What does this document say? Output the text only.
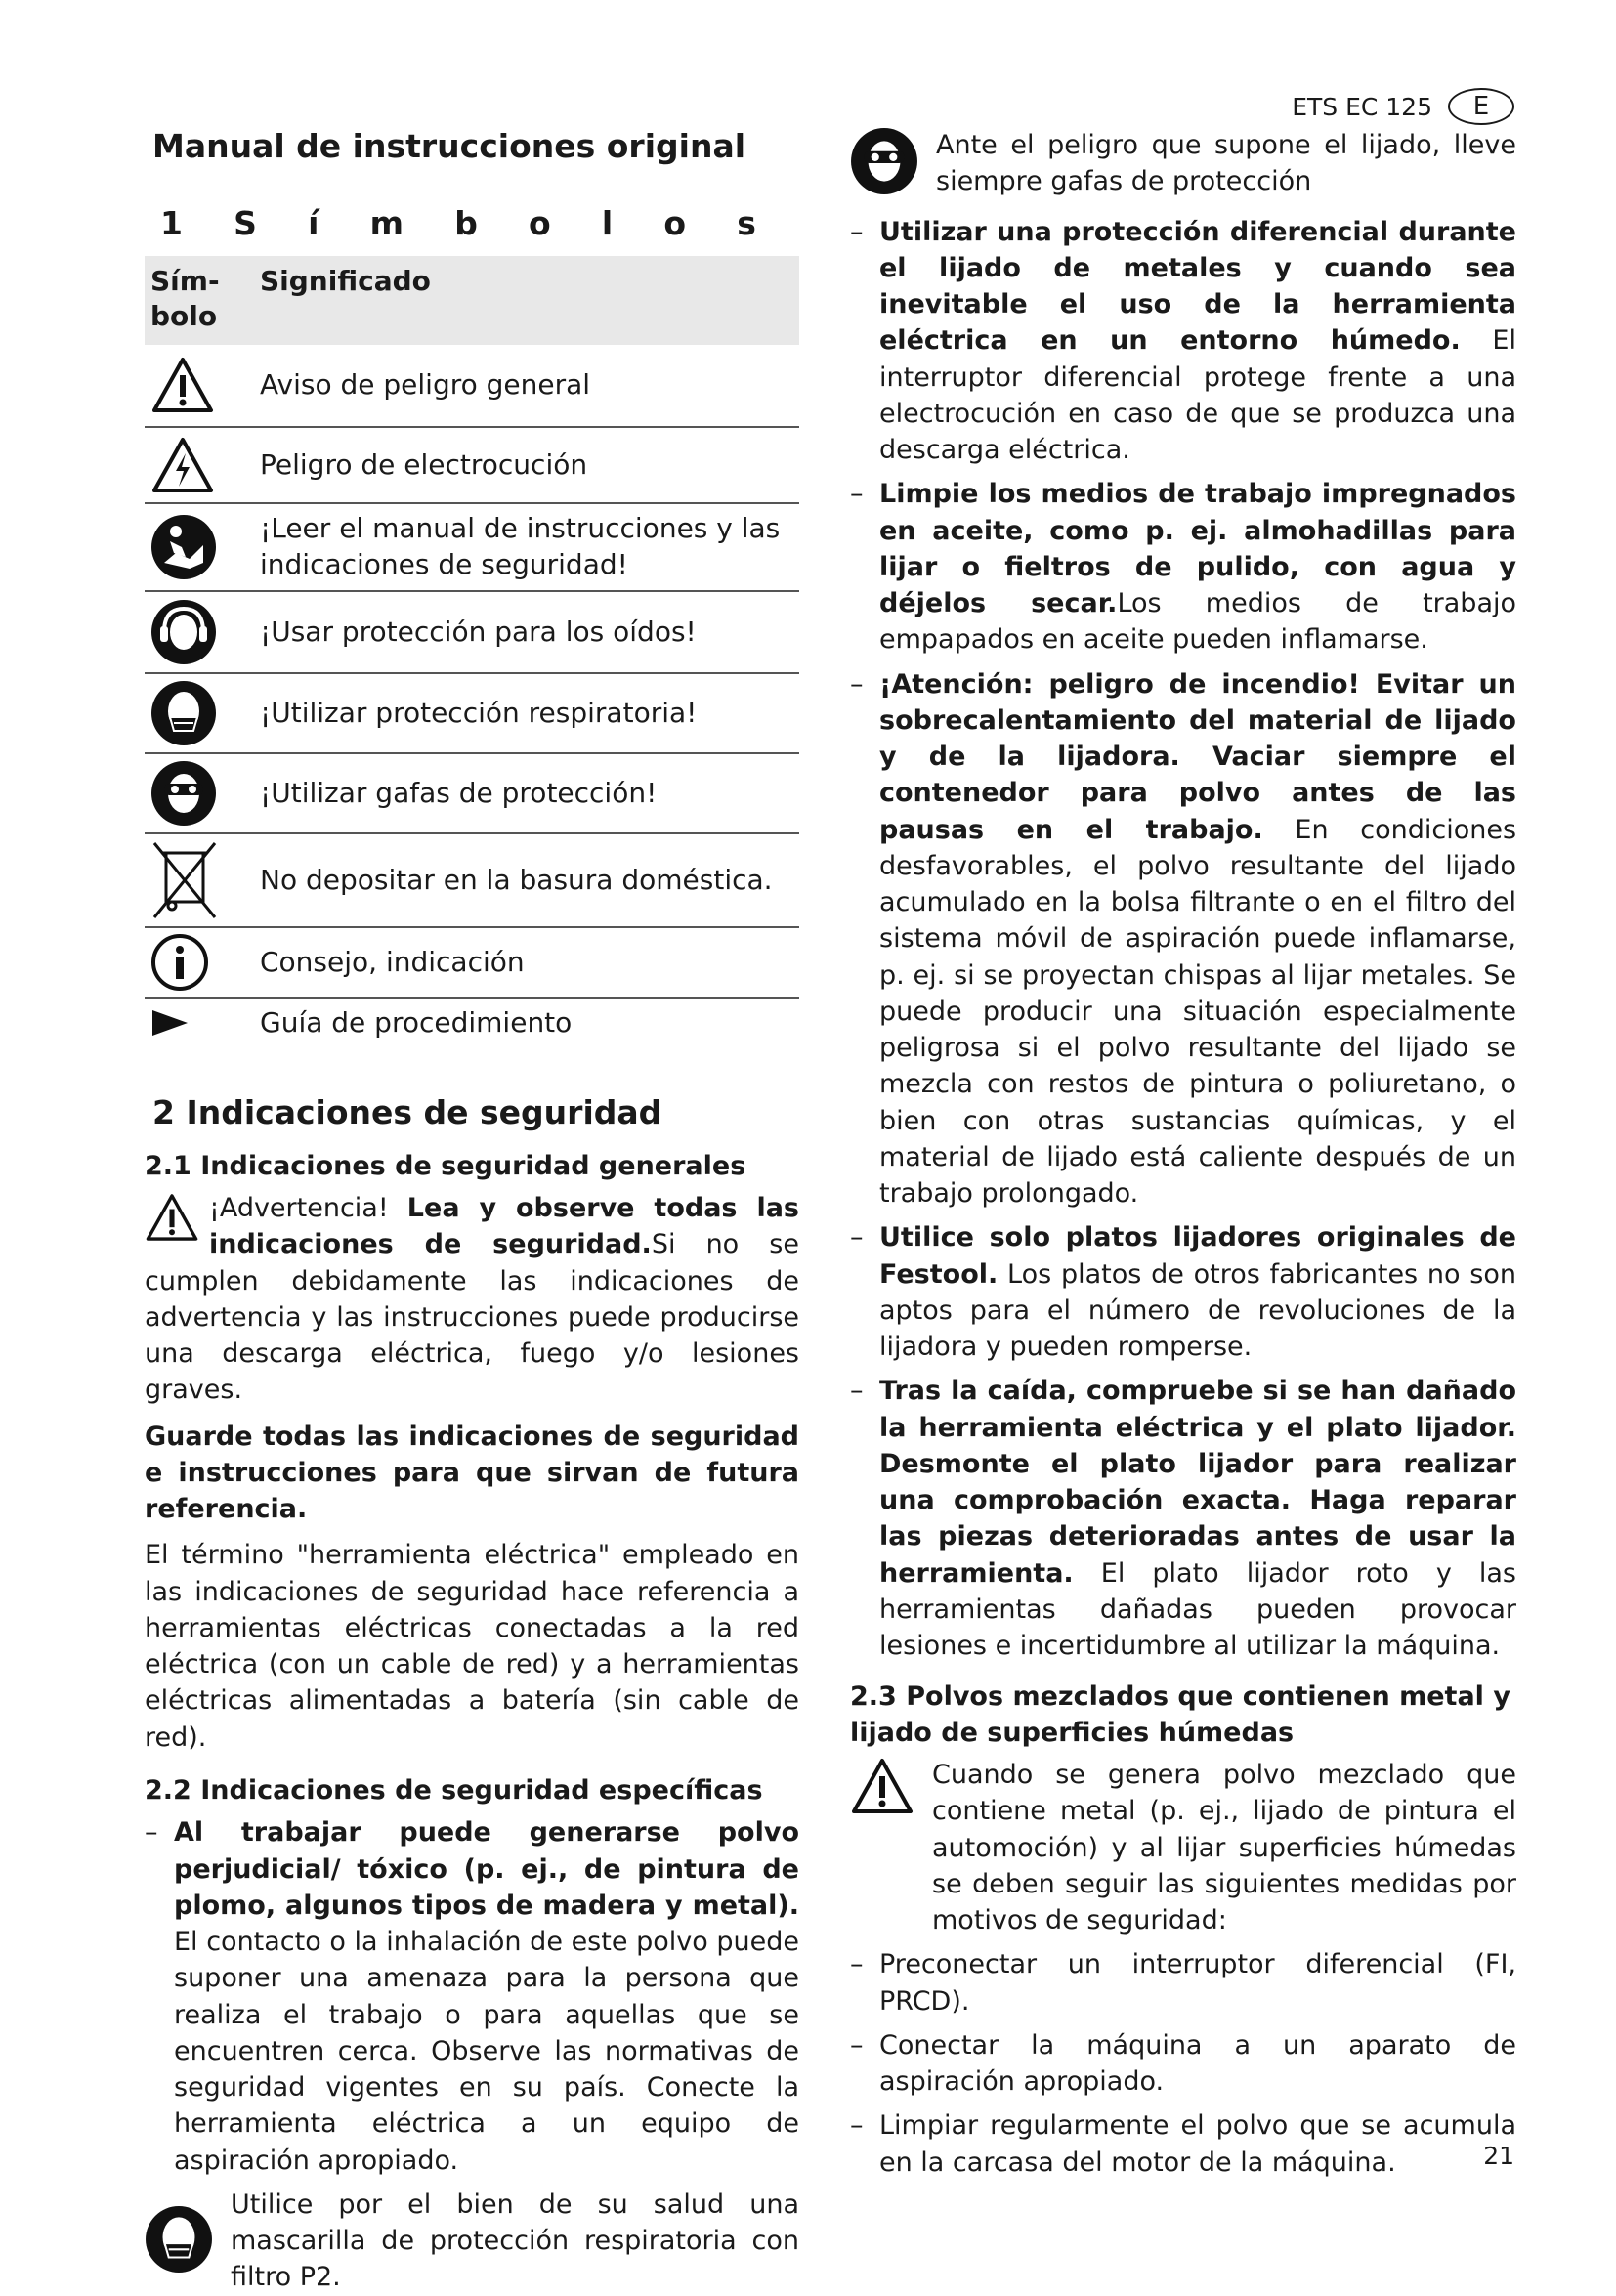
ETS EC 125	E
Manual de instrucciones original
1 S í m b o l o s
Sím-
bolo	Significado

	Aviso de peligro general

	Peligro de electrocución

	¡Leer el manual de instrucciones y las indicaciones de seguridad!

	¡Usar protección para los oídos!

	¡Utilizar protección respiratoria!

	¡Utilizar gafas de protección!

	No depositar en la basura doméstica.

	Consejo, indicación

	Guía de procedimiento
2 Indicaciones de seguridad
2.1 Indicaciones de seguridad generales

¡Advertencia! Lea y observe todas las indicaciones de seguridad.Si no se cumplen debidamente las indicaciones de advertencia y las instrucciones puede producirse una descarga eléctrica, fuego y/o lesiones graves.

Guarde todas las indicaciones de seguridad e instrucciones para que sirvan de futura referencia.

El término "herramienta eléctrica" empleado en las indicaciones de seguridad hace referencia a herramientas eléctricas conectadas a la red eléctrica (con un cable de red) y a herramientas eléctricas alimentadas a batería (sin cable de red).

2.2 Indicaciones de seguridad específicas
– Al trabajar puede generarse polvo perjudicial/ tóxico (p. ej., de pintura de plomo, algunos tipos de madera y metal). El contacto o la inhalación de este polvo puede suponer una amenaza para la persona que realiza el trabajo o para aquellas que se encuentren cerca. Observe las normativas de seguridad vigentes en su país. Conecte la herramienta eléctrica a un equipo de aspiración apropiado.

Utilice por el bien de su salud una mascarilla de protección respiratoria con filtro P2.

Ante el peligro que supone el lijado, lleve siempre gafas de protección

– Utilizar una protección diferencial durante el lijado de metales y cuando sea inevitable el uso de la herramienta eléctrica en un entorno húmedo. El interruptor diferencial protege frente a una electrocución en caso de que se produzca una descarga eléctrica.
– Limpie los medios de trabajo impregnados en aceite, como p. ej. almohadillas para lijar o fieltros de pulido, con agua y déjelos secar.Los medios de trabajo empapados en aceite pueden inflamarse.
– ¡Atención: peligro de incendio! Evitar un sobrecalentamiento del material de lijado y de la lijadora. Vaciar siempre el contenedor para polvo antes de las pausas en el trabajo. En condiciones desfavorables, el polvo resultante del lijado acumulado en la bolsa filtrante o en el filtro del sistema móvil de aspiración puede inflamarse, p. ej. si se proyectan chispas al lijar metales. Se puede producir una situación especialmente peligrosa si el polvo resultante del lijado se mezcla con restos de pintura o poliuretano, o bien con otras sustancias químicas, y el material de lijado está caliente después de un trabajo prolongado.
– Utilice solo platos lijadores originales de Festool. Los platos de otros fabricantes no son aptos para el número de revoluciones de la lijadora y pueden romperse.
– Tras la caída, compruebe si se han dañado la herramienta eléctrica y el plato lijador. Desmonte el plato lijador para realizar una comprobación exacta. Haga reparar las piezas deterioradas antes de usar la herramienta. El plato lijador roto y las herramientas dañadas pueden provocar lesiones e incertidumbre al utilizar la máquina.
2.3 Polvos mezclados que contienen metal y lijado de superficies húmedas

Cuando se genera polvo mezclado que contiene metal (p. ej., lijado de pintura el automoción) y al lijar superficies húmedas se deben seguir las siguientes medidas por motivos de seguridad:

– Preconectar un interruptor diferencial (FI, PRCD).
– Conectar la máquina a un aparato de aspiración apropiado.
– Limpiar regularmente el polvo que se acumula en la carcasa del motor de la máquina.	21
